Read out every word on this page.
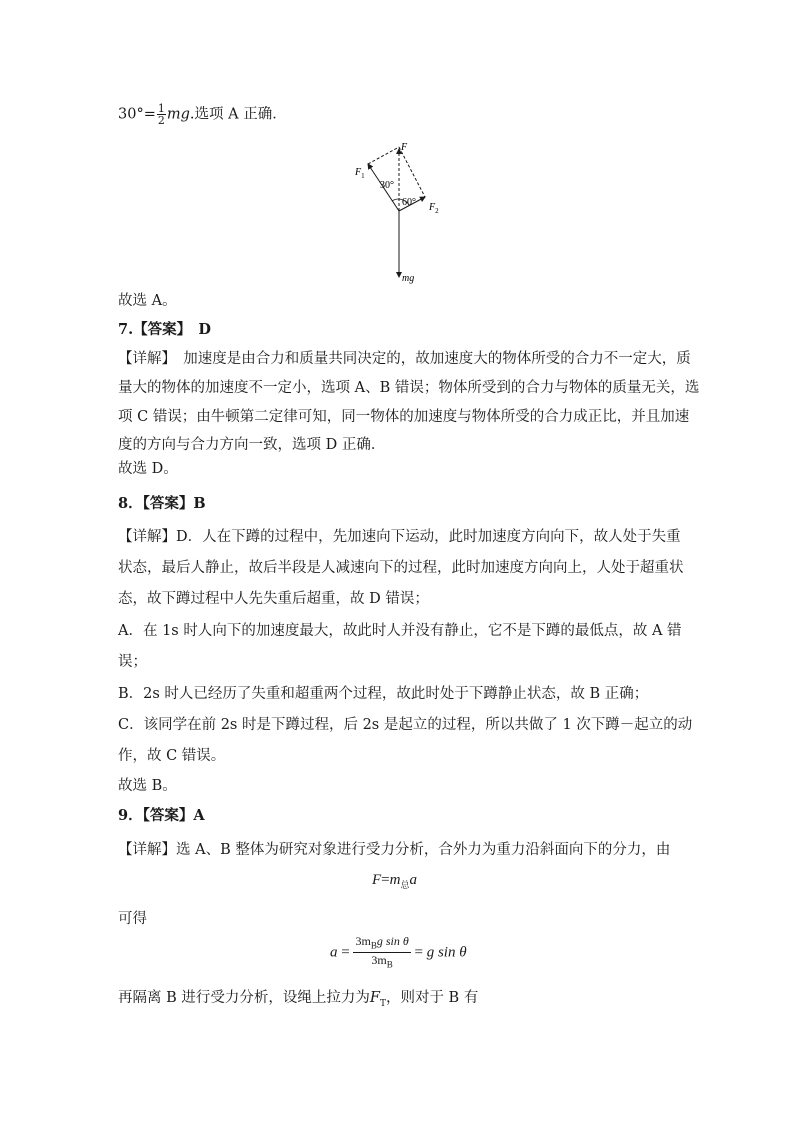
$30^\circ= \frac{1}{2}$ mg.选项 A 正确．
F
$F_1$
$F_2$
30°
60°
mg
故选 A。
7.【答案】　D
【详解】　加速度是由合力和质量共同决定的，故加速度大的物体所受的合力不一定大，质
量大的物体的加速度不一定小，选项 A、B 错误；物体所受到的合力与物体的质量无关，选
项 C 错误；由牛顿第二定律可知，同一物体的加速度与物体所受的合力成正比，并且加速
度的方向与合力方向一致，选项 D 正确．
故选 D。
8．【答案】B
【详解】D．人在下蹲的过程中，先加速向下运动，此时加速度方向向下，故人处于失重
状态，最后人静止，故后半段是人减速向下的过程，此时加速度方向向上，人处于超重状
态，故下蹲过程中人先失重后超重，故 D 错误；
A．在 1s 时人向下的加速度最大，故此时人并没有静止，它不是下蹲的最低点，故 A 错
误；
B．2s 时人已经历了失重和超重两个过程，故此时处于下蹲静止状态，故 B 正确；
C．该同学在前 2s 时是下蹲过程，后 2s 是起立的过程，所以共做了 1 次下蹲－起立的动
作，故 C 错误。
故选 B。
9．【答案】A
【详解】选 A、B 整体为研究对象进行受力分析，合外力为重力沿斜面向下的分力，由
$F=m_总a$
可得
$a = \frac{3m_Bg \sin \theta}{3m_B} = g$ sin θ
再隔离 B 进行受力分析，设绳上拉力为$F_T$，则对于 B 有
